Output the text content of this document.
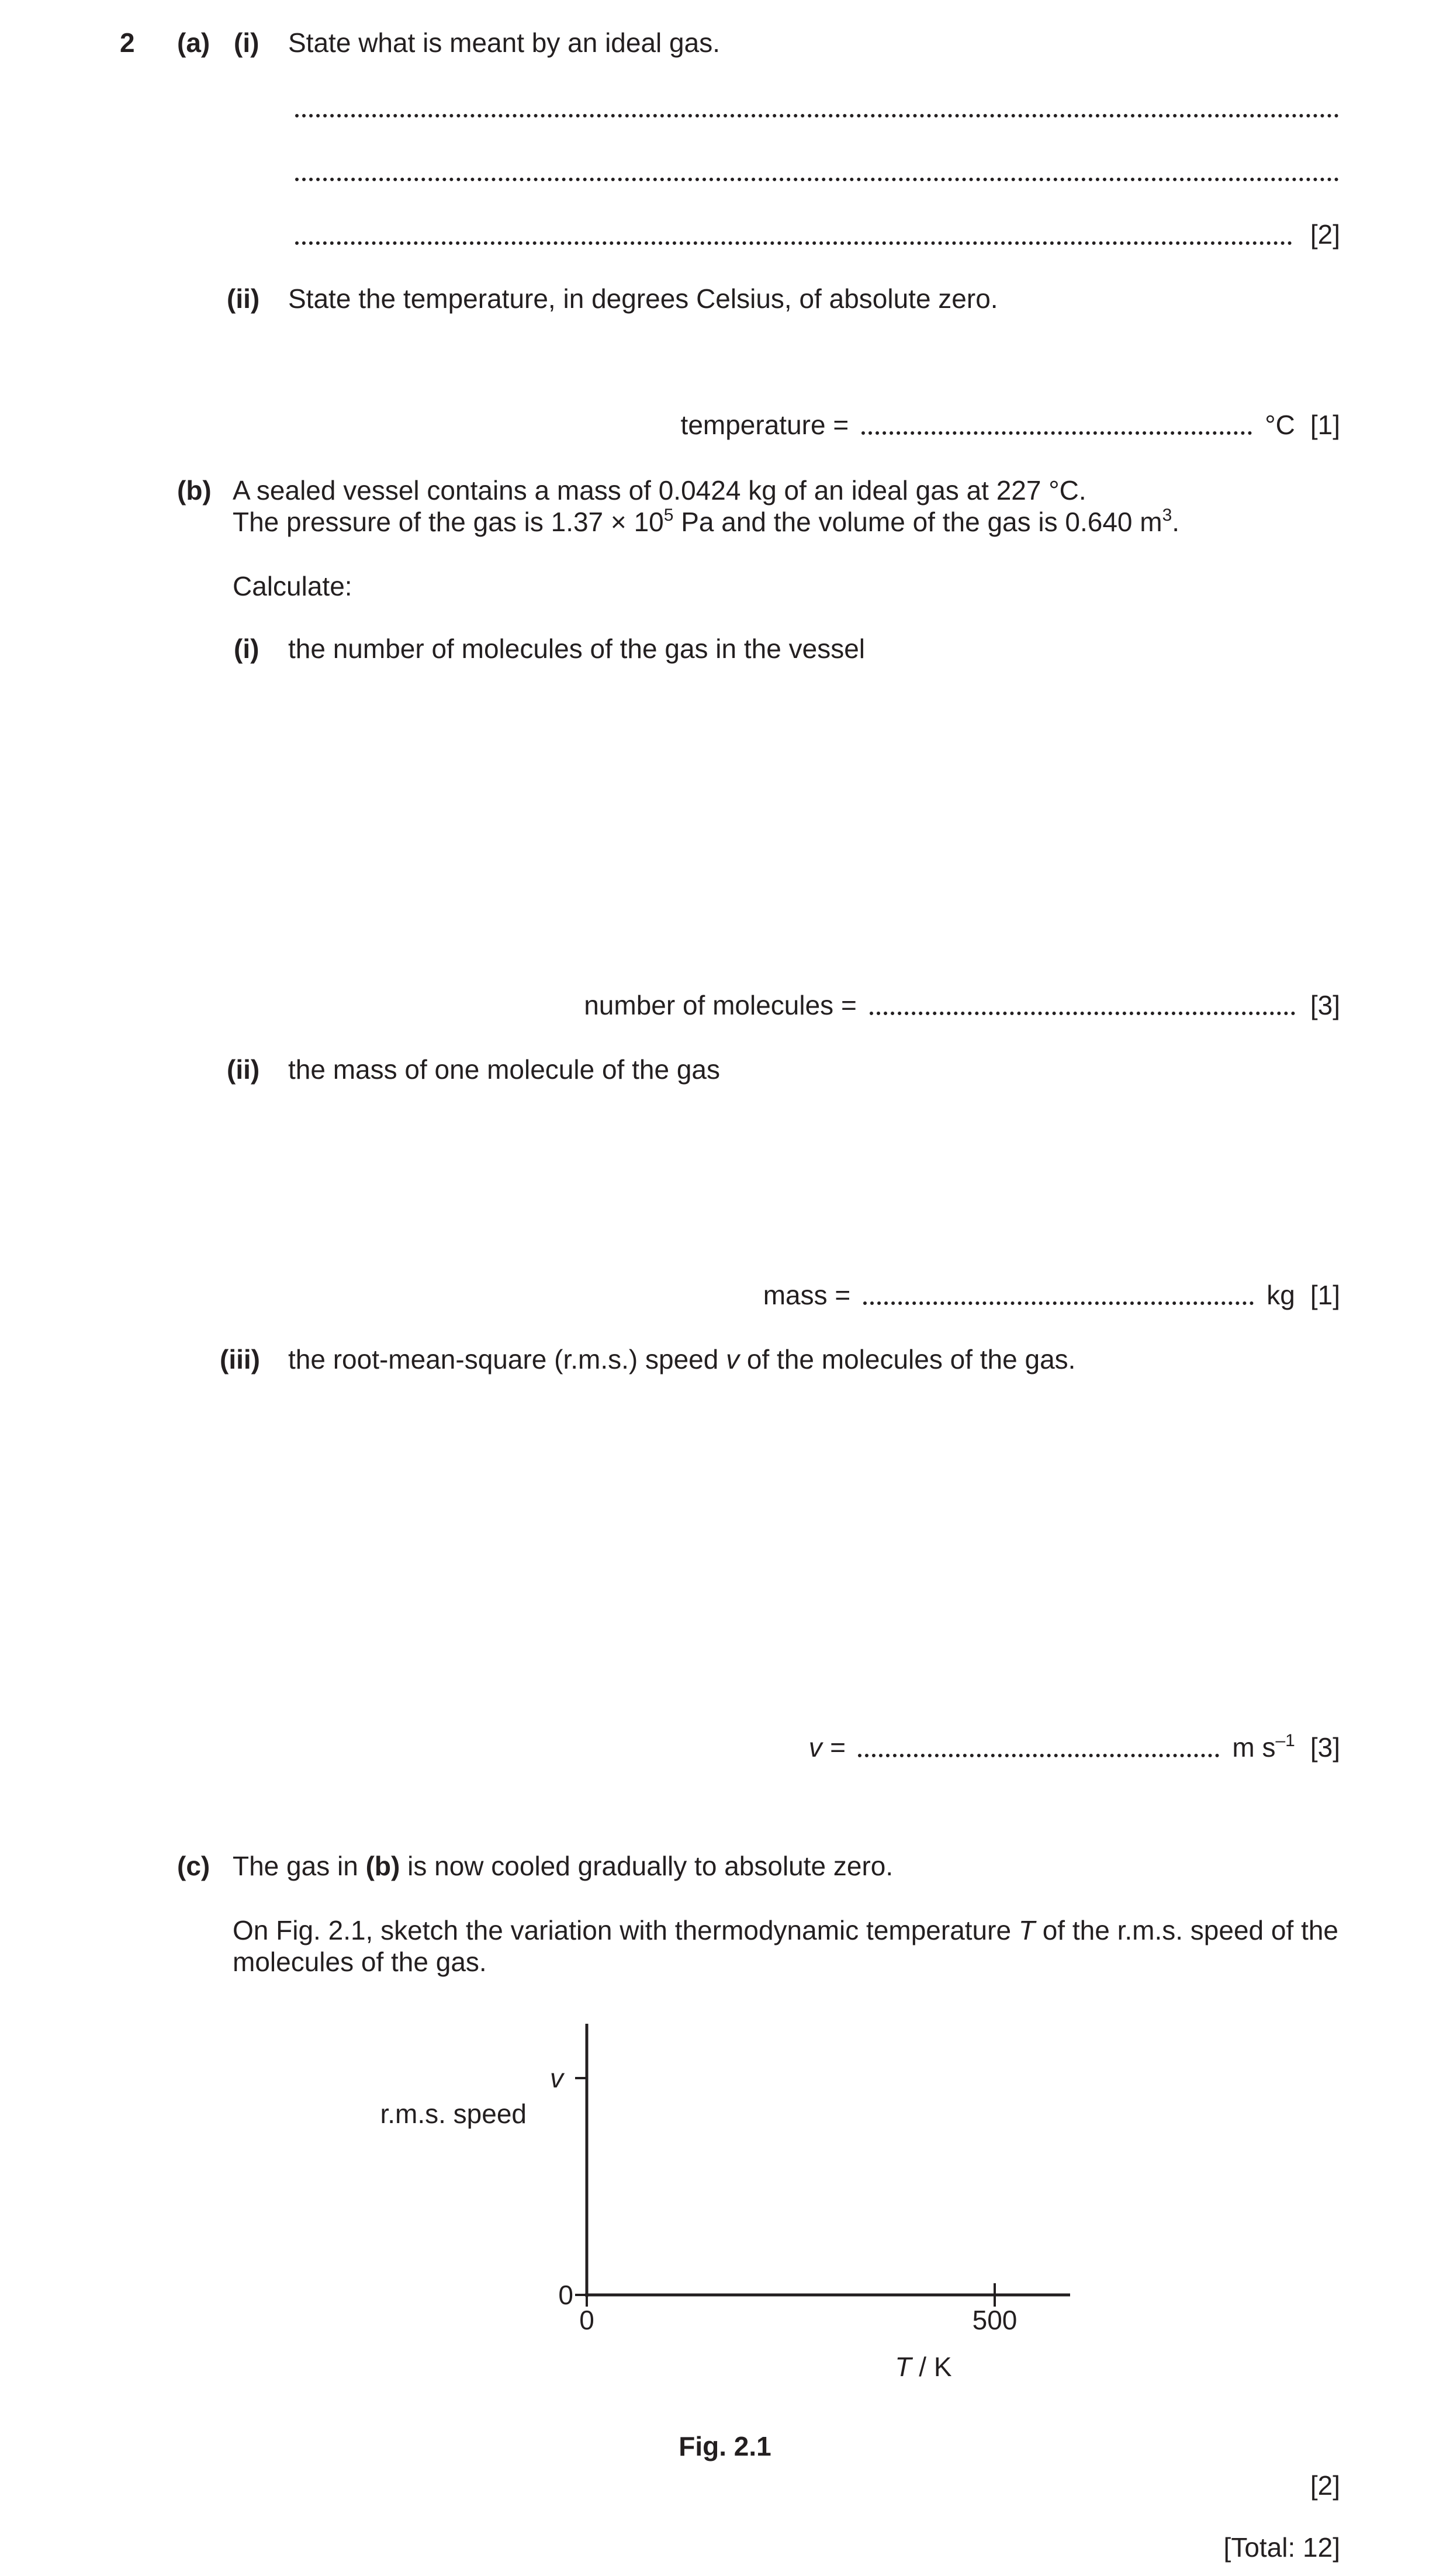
2 (a) (i) State what is meant by an ideal gas.
[2]
(ii) State the temperature, in degrees Celsius, of absolute zero.
temperature =	°C [1]
(b) A sealed vessel contains a mass of 0.0424 kg of an ideal gas at 227 °C.
The pressure of the gas is $1.37 \times 10^5$ Pa and the volume of the gas is 0.640 $m^3$.
Calculate:
(i) the number of molecules of the gas in the vessel
number of molecules =	[3]
(ii) the mass of one molecule of the gas
mass =	kg [1]
(iii) the root-mean-square (r.m.s.) speed v of the molecules of the gas.
v =	m $s^{-1}$ [3]
(c) The gas in (b) is now cooled gradually to absolute zero.
On Fig. 2.1, sketch the variation with thermodynamic temperature T of the r.m.s. speed of the
molecules of the gas.
v
0
0	500
r.m.s. speed
T / K
Fig. 2.1
[2]
[Total: 12]
